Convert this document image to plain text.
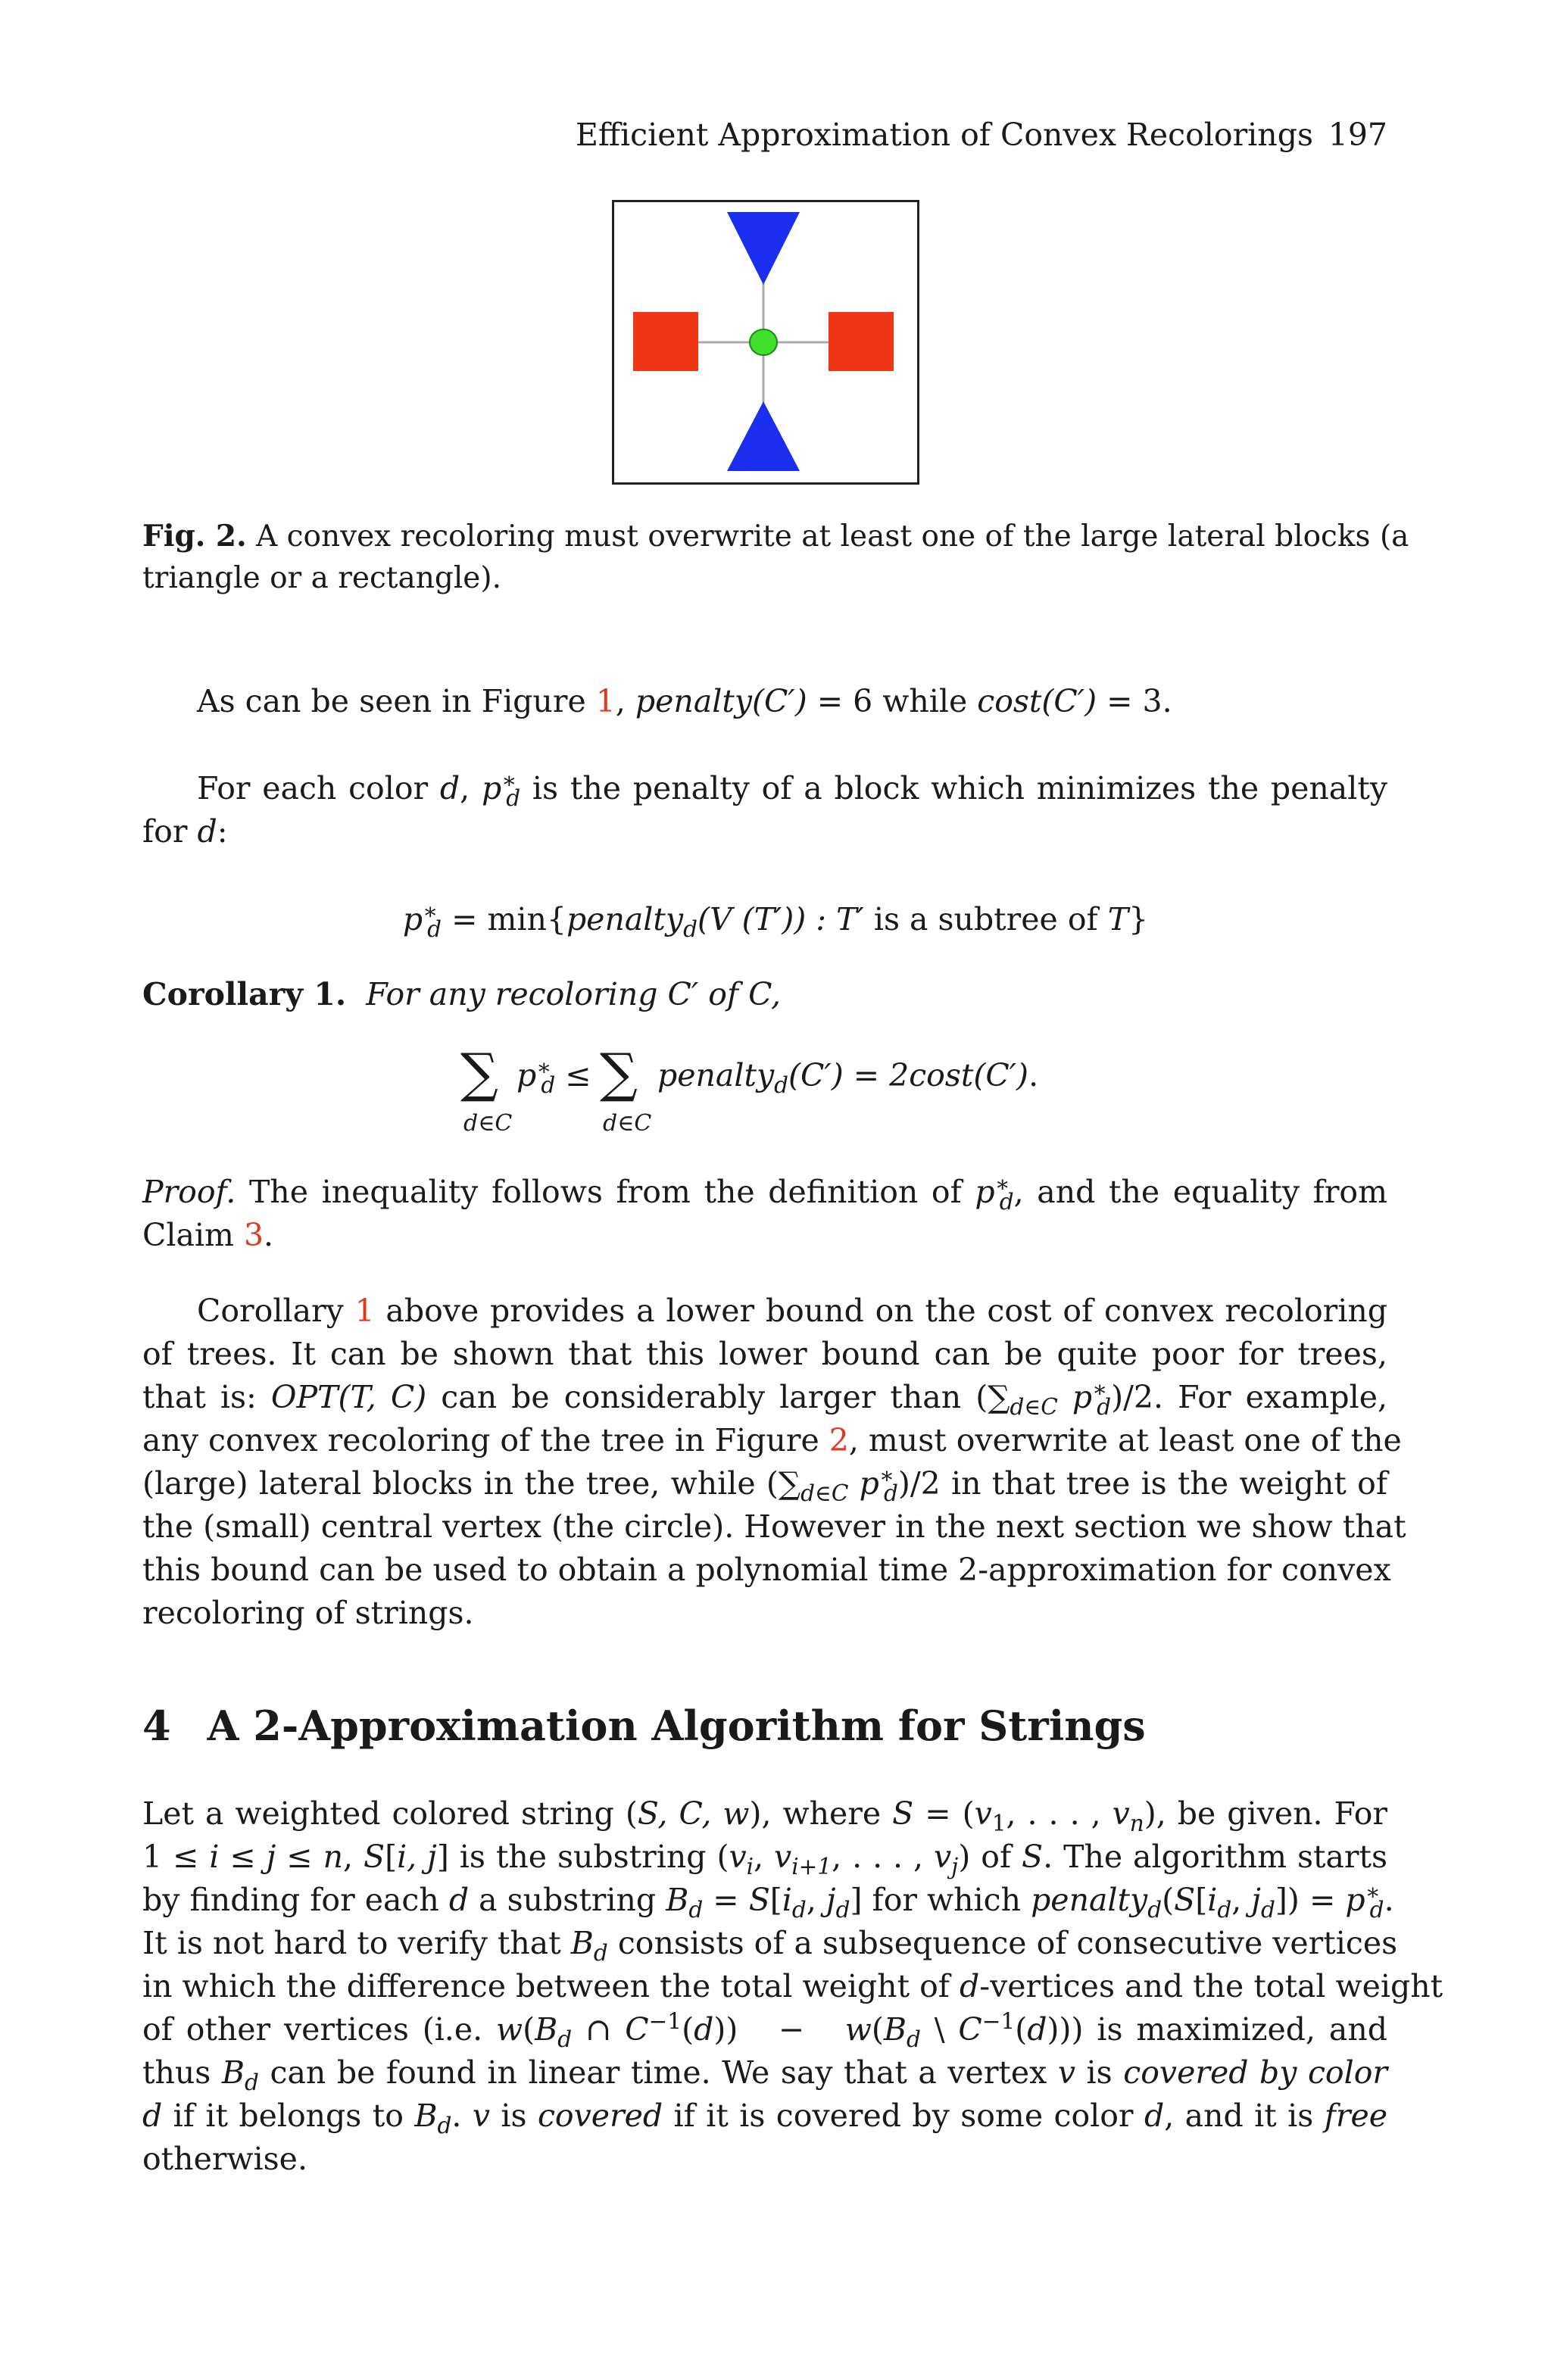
Efficient Approximation of Convex Recolorings 197
Fig. 2. A convex recoloring must overwrite at least one of the large lateral blocks (a
triangle or a rectangle).
As can be seen in Figure 1, penalty(C′) = 6 while cost(C′) = 3.
For each color d, $p^∗_d$ is the penalty of a block which minimizes the penalty
for d:
$p^∗_d$ = min{penalty$_d$(V (T′)) : T′ is a subtree of T}
Corollary 1. For any recoloring C′ of C,
∑
d∈C
$p^∗_d$ ≤ ∑
d∈C
penalty$_d$(C′) = 2cost(C′).
Proof. The inequality follows from the definition of $p^∗_d$, and the equality from
Claim 3.
Corollary 1 above provides a lower bound on the cost of convex recoloring
of trees. It can be shown that this lower bound can be quite poor for trees,
that is: OPT(T, C) can be considerably larger than ($\sum_{d\in C}$ $p^∗_d)/2$. For example,
any convex recoloring of the tree in Figure 2, must overwrite at least one of the
(large) lateral blocks in the tree, while ($\sum_{d\in C}$ $p^∗_d)/2$ in that tree is the weight of
the (small) central vertex (the circle). However in the next section we show that
this bound can be used to obtain a polynomial time 2-approximation for convex
recoloring of strings.
4 A 2-Approximation Algorithm for Strings
Let a weighted colored string (S, C, w), where $S = (v_1$, . . . , $v_n$), be given. For
1 ≤ i ≤ j ≤ n, S[i, j] is the substring ($v_i$, $v_{i+1}$, . . . , $v_j$) of S. The algorithm starts
by finding for each d a substring $B_d = S[i_d$, $j_d$] for which $penalty_d(S[i_d$, $j_d]) = p^∗_d$.
It is not hard to verify that $B_d$ consists of a subsequence of consecutive vertices
in which the difference between the total weight of d-vertices and the total weight
of other vertices (i.e. $w(B_d$ ∩ $C^{-1}(d)) - w(B_d$ \ $C^{-1}(d)$)) is maximized, and
thus $B_d$ can be found in linear time. We say that a vertex v is covered by color
d if it belongs to $B_d$. v is covered if it is covered by some color d, and it is free
otherwise.
